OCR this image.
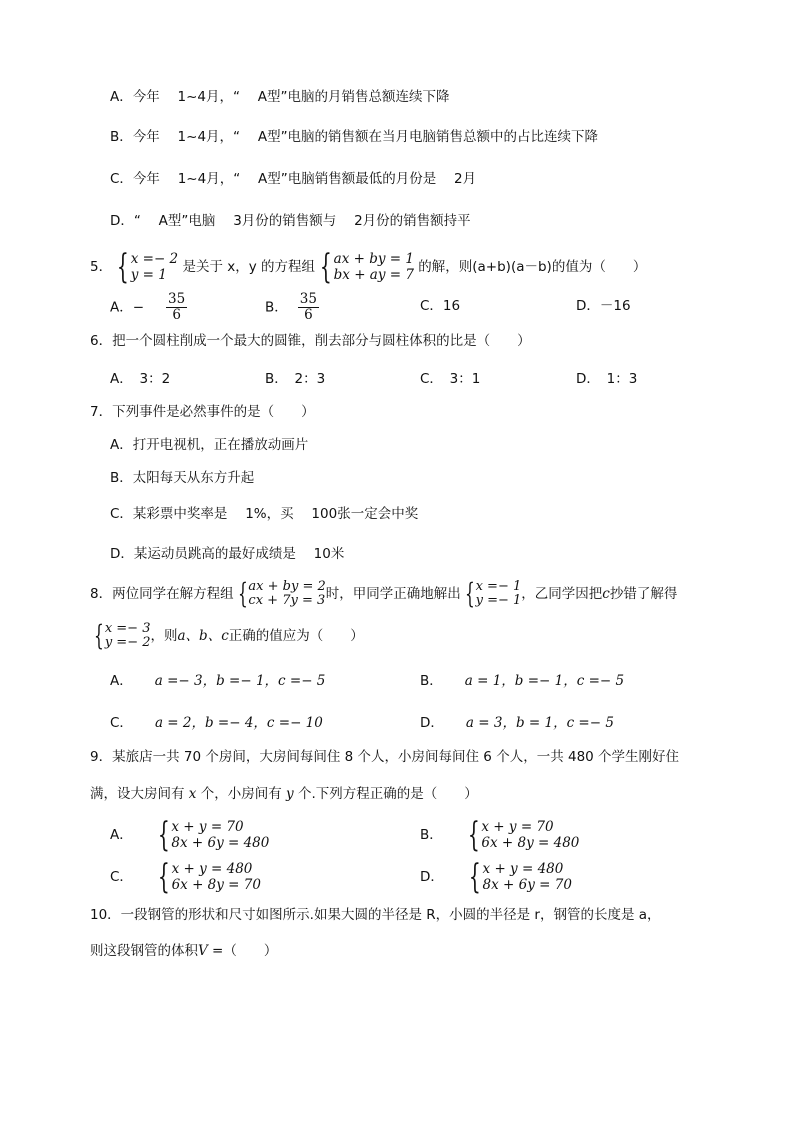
A．今年　 1~4月，“　 A型”电脑的月销售总额连续下降
B．今年　 1~4月，“　 A型”电脑的销售额在当月电脑销售总额中的占比连续下降
C．今年　 1~4月，“　 A型”电脑销售额最低的月份是　 2月
D．“　 A型”电脑　 3月份的销售额与　 2月份的销售额持平
5． { x =− 2
y = 1	是关于 x，y 的方程组 { ax + by = 1
bx + ay = 7 的解，则(a+b)(a－b)的值为（　　）
A．− $\frac{35}{6}$	B． $\frac{35}{6}$	C．16	D．－16
6．把一个圆柱削成一个最大的圆锥，削去部分与圆柱体积的比是（　　）
A．　3：2	B．　2：3	C．　3：1	D．　1：3
7．下列事件是必然事件的是（　　）
A．打开电视机，正在播放动画片
B．太阳每天从东方升起
C．某彩票中奖率是　 1%，买　 100张一定会中奖
D．某运动员跳高的最好成绩是　 10米
8．两位同学在解方程组 { ax + by = 2
cx + 7y = 3 时，甲同学正确地解出 { x =− 1
y =− 1 ，乙同学因把c抄错了解得
{ x =− 3
y =− 2 ，则a、b、c正确的值应为（　　）
A． a =− 3，b =− 1，c =− 5	B． a = 1，b =− 1，c =− 5
C． a = 2，b =− 4，c =− 10	D． a = 3，b = 1，c =− 5
9．某旅店一共 70 个房间，大房间每间住 8 个人，小房间每间住 6 个人，一共 480 个学生刚好住
满，设大房间有 x 个，小房间有 y 个.下列方程正确的是（　　）
A． { x + y = 70
8x + 6y = 480	B． { x + y = 70
6x + 8y = 480
C． { x + y = 480
6x + 8y = 70	D． { x + y = 480
8x + 6y = 70
10．一段钢管的形状和尺寸如图所示.如果大圆的半径是 R，小圆的半径是 r，钢管的长度是 a，
则这段钢管的体积V =（　　）
